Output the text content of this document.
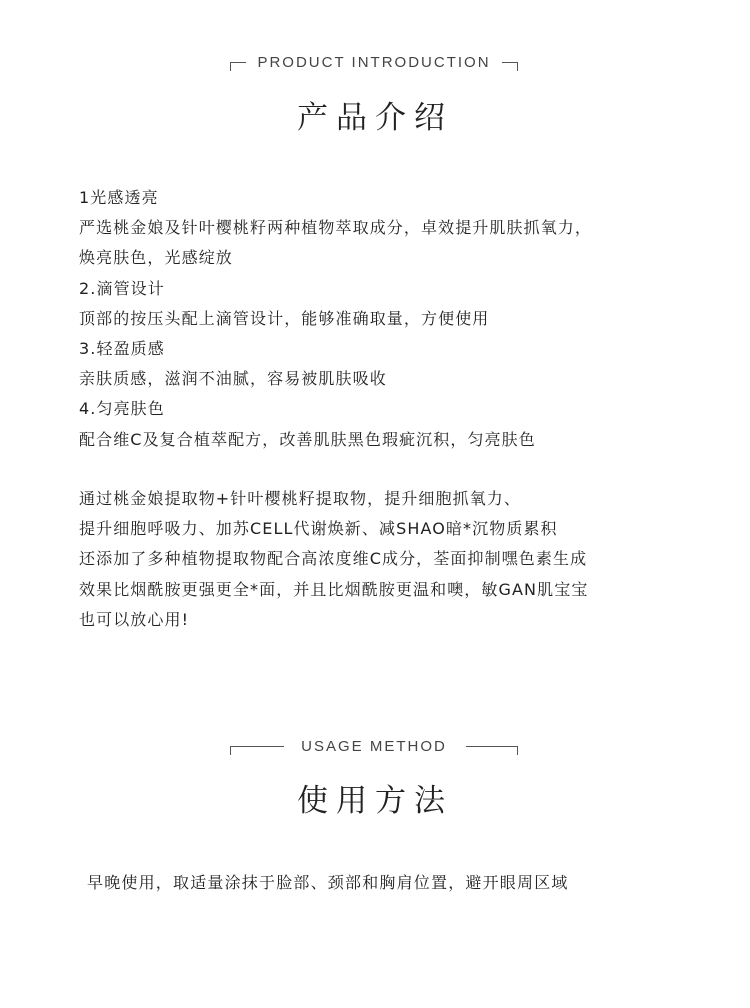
PRODUCT INTRODUCTION
产品介绍
1光感透亮
严选桃金娘及针叶樱桃籽两种植物萃取成分，卓效提升肌肤抓氧力，
焕亮肤色，光感绽放
2.滴管设计
顶部的按压头配上滴管设计，能够准确取量，方便使用
3.轻盈质感
亲肤质感，滋润不油腻，容易被肌肤吸收
4.匀亮肤色
配合维C及复合植萃配方，改善肌肤黑色瑕疵沉积，匀亮肤色
通过桃金娘提取物+针叶樱桃籽提取物，提升细胞抓氧力、
提升细胞呼吸力、加苏CELL代谢焕新、减SHAO暗*沉物质累积
还添加了多种植物提取物配合高浓度维C成分，荃面抑制嘿色素生成
效果比烟酰胺更强更全*面，并且比烟酰胺更温和噢，敏GAN肌宝宝
也可以放心用!
USAGE METHOD
使用方法
早晚使用，取适量涂抹于脸部、颈部和胸肩位置，避开眼周区域
